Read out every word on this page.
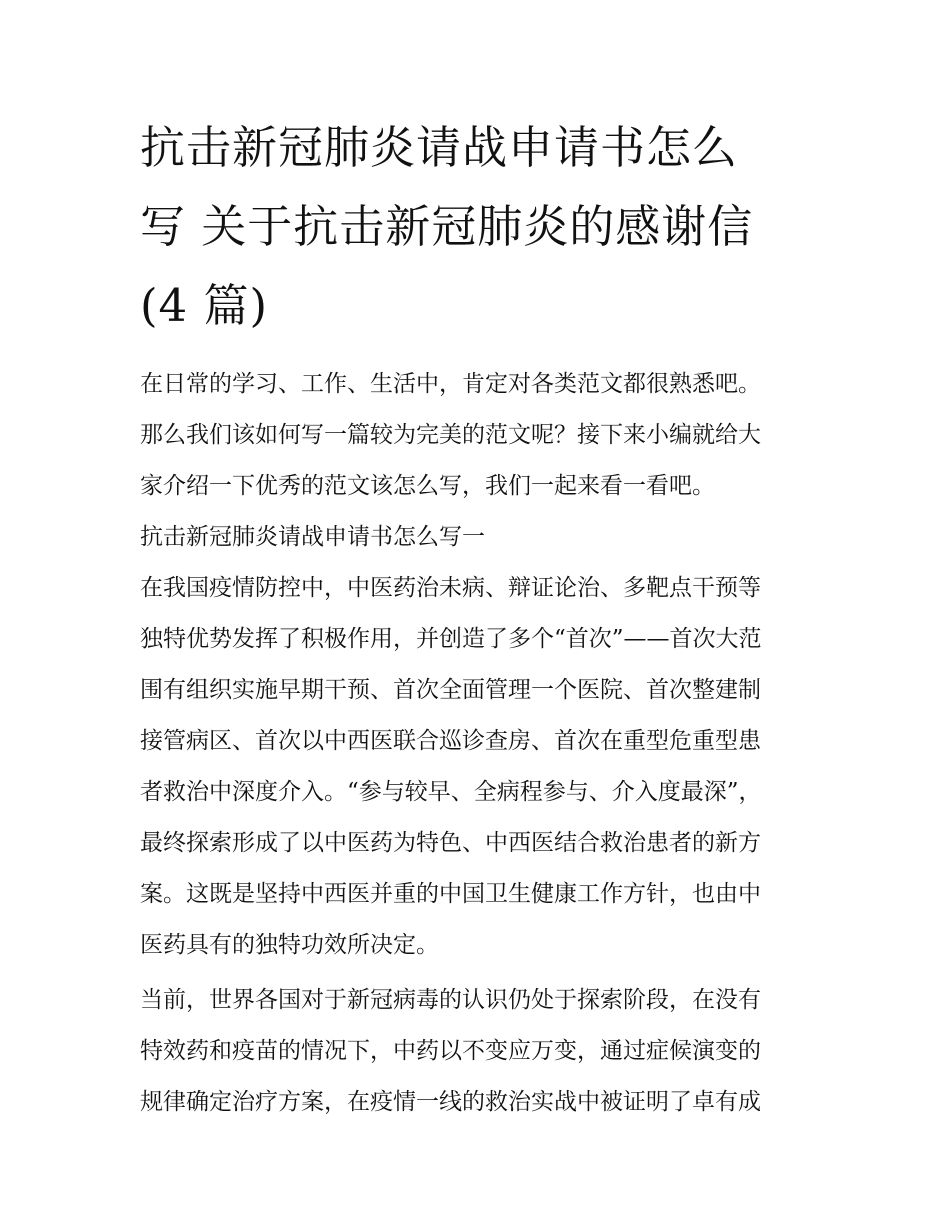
抗击新冠肺炎请战申请书怎么
写 关于抗击新冠肺炎的感谢信
(4 篇)

在日常的学习、工作、生活中，肯定对各类范文都很熟悉吧。
那么我们该如何写一篇较为完美的范文呢？接下来小编就给大
家介绍一下优秀的范文该怎么写，我们一起来看一看吧。

抗击新冠肺炎请战申请书怎么写一

在我国疫情防控中，中医药治未病、辩证论治、多靶点干预等
独特优势发挥了积极作用，并创造了多个“首次”——首次大范
围有组织实施早期干预、首次全面管理一个医院、首次整建制
接管病区、首次以中西医联合巡诊查房、首次在重型危重型患
者救治中深度介入。“参与较早、全病程参与、介入度最深”，
最终探索形成了以中医药为特色、中西医结合救治患者的新方
案。这既是坚持中西医并重的中国卫生健康工作方针，也由中
医药具有的独特功效所决定。

当前，世界各国对于新冠病毒的认识仍处于探索阶段，在没有
特效药和疫苗的情况下，中药以不变应万变，通过症候演变的
规律确定治疗方案，在疫情一线的救治实战中被证明了卓有成
